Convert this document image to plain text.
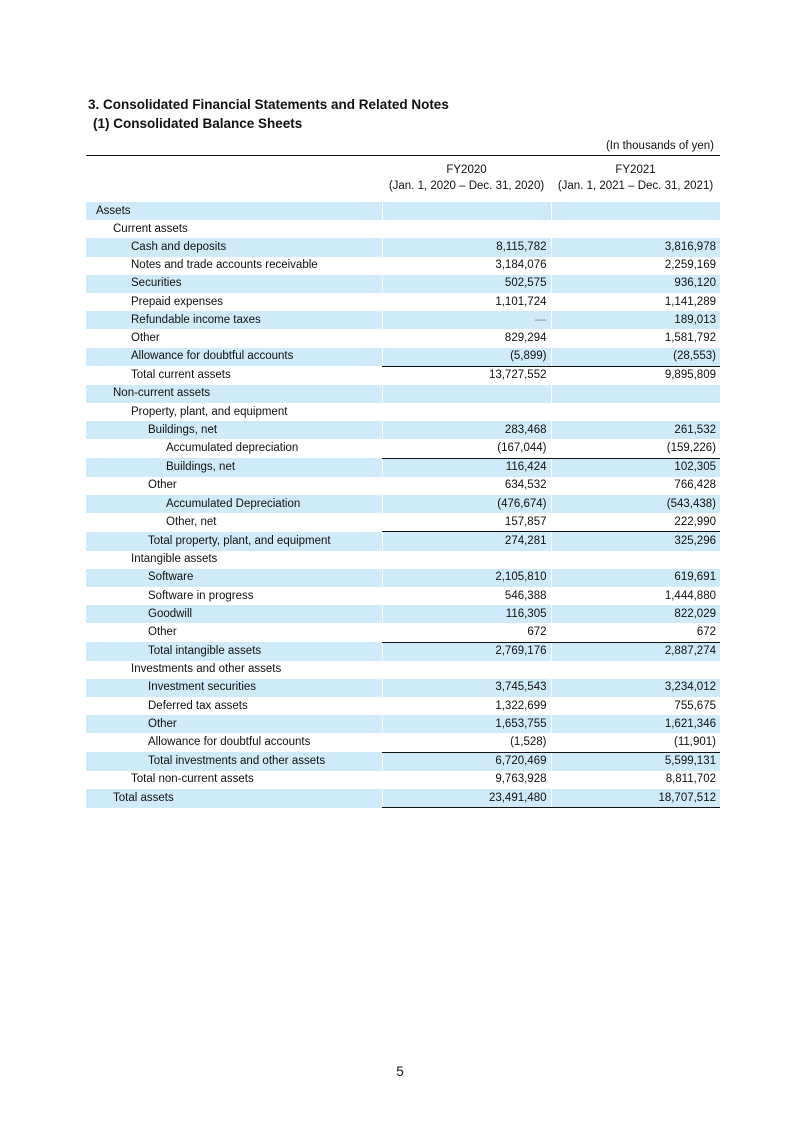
3. Consolidated Financial Statements and Related Notes
(1) Consolidated Balance Sheets
(In thousands of yen)
	FY2020	FY2021
	(Jan. 1, 2020 – Dec. 31, 2020)	(Jan. 1, 2021 – Dec. 31, 2021)
Assets		
Current assets		
Cash and deposits	8,115,782	3,816,978
Notes and trade accounts receivable	3,184,076	2,259,169
Securities	502,575	936,120
Prepaid expenses	1,101,724	1,141,289
Refundable income taxes	—	189,013
Other	829,294	1,581,792
Allowance for doubtful accounts	(5,899)	(28,553)
Total current assets	13,727,552	9,895,809
Non-current assets		
Property, plant, and equipment		
Buildings, net	283,468	261,532
Accumulated depreciation	(167,044)	(159,226)
Buildings, net	116,424	102,305
Other	634,532	766,428
Accumulated Depreciation	(476,674)	(543,438)
Other, net	157,857	222,990
Total property, plant, and equipment	274,281	325,296
Intangible assets		
Software	2,105,810	619,691
Software in progress	546,388	1,444,880
Goodwill	116,305	822,029
Other	672	672
Total intangible assets	2,769,176	2,887,274
Investments and other assets		
Investment securities	3,745,543	3,234,012
Deferred tax assets	1,322,699	755,675
Other	1,653,755	1,621,346
Allowance for doubtful accounts	(1,528)	(11,901)
Total investments and other assets	6,720,469	5,599,131
Total non-current assets	9,763,928	8,811,702
Total assets	23,491,480	18,707,512
5
